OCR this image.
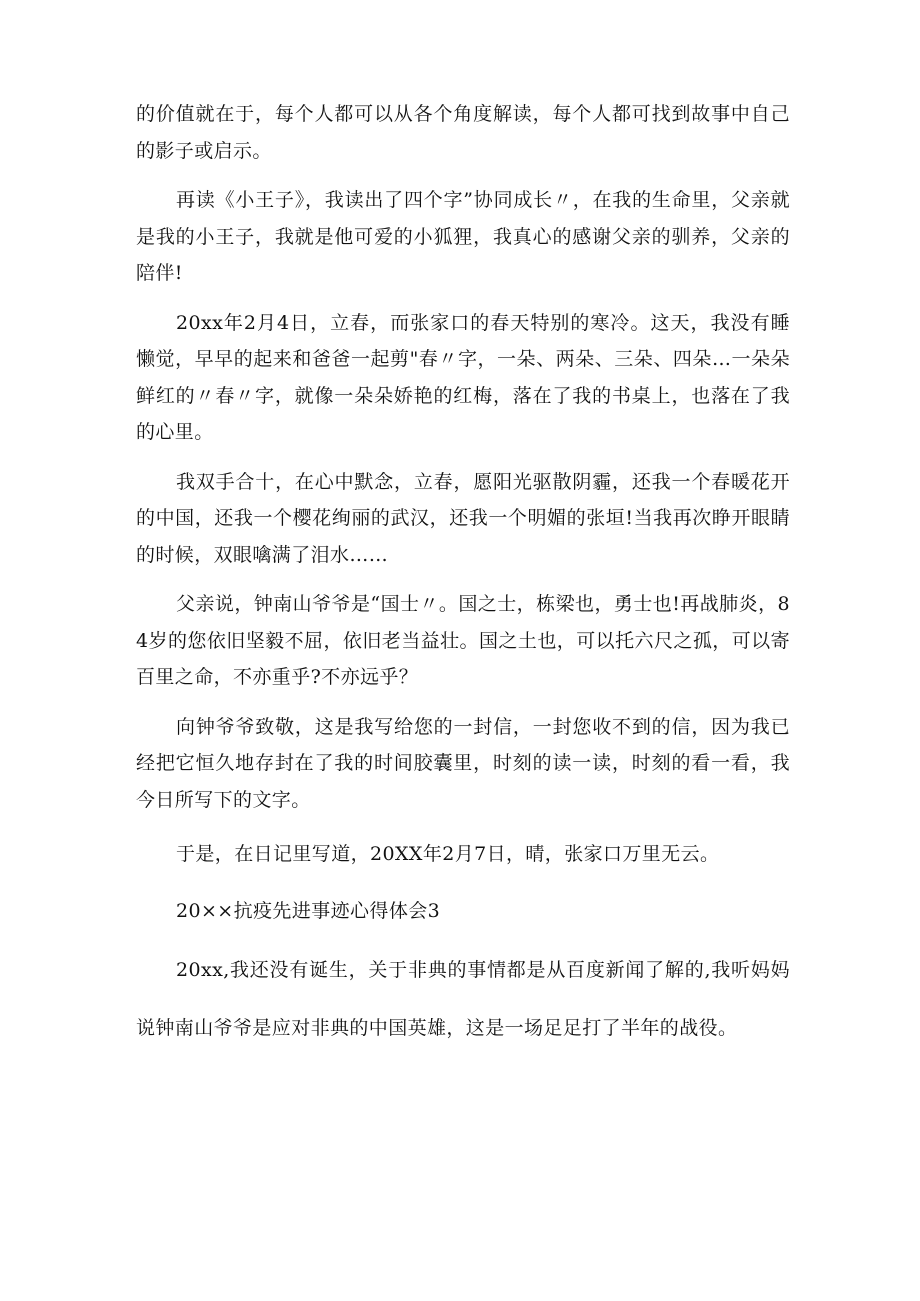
的价值就在于，每个人都可以从各个角度解读，每个人都可找到故事中自己的影子或启示。

再读《小王子》，我读出了四个字”协同成长〃，在我的生命里，父亲就是我的小王子，我就是他可爱的小狐狸，我真心的感谢父亲的驯养，父亲的陪伴!

20xx年2月4日，立春，而张家口的春天特别的寒冷。这天，我没有睡懒觉，早早的起来和爸爸一起剪"春〃字，一朵、两朵、三朵、四朵…一朵朵鲜红的〃春〃字，就像一朵朵娇艳的红梅，落在了我的书桌上，也落在了我的心里。

我双手合十，在心中默念，立春，愿阳光驱散阴霾，还我一个春暖花开的中国，还我一个樱花绚丽的武汉，还我一个明媚的张垣!当我再次睁开眼睛的时候，双眼噙满了泪水……

父亲说，钟南山爷爷是“国士〃。国之士，栋梁也，勇士也!再战肺炎，84岁的您依旧坚毅不屈，依旧老当益壮。国之土也，可以托六尺之孤，可以寄百里之命，不亦重乎?不亦远乎？

向钟爷爷致敬，这是我写给您的一封信，一封您收不到的信，因为我已经把它恒久地存封在了我的时间胶囊里，时刻的读一读，时刻的看一看，我今日所写下的文字。

于是，在日记里写道，20XX年2月7日，晴，张家口万里无云。

20××抗疫先进事迹心得体会3

20xx,我还没有诞生，关于非典的事情都是从百度新闻了解的,我听妈妈说钟南山爷爷是应对非典的中国英雄，这是一场足足打了半年的战役。
